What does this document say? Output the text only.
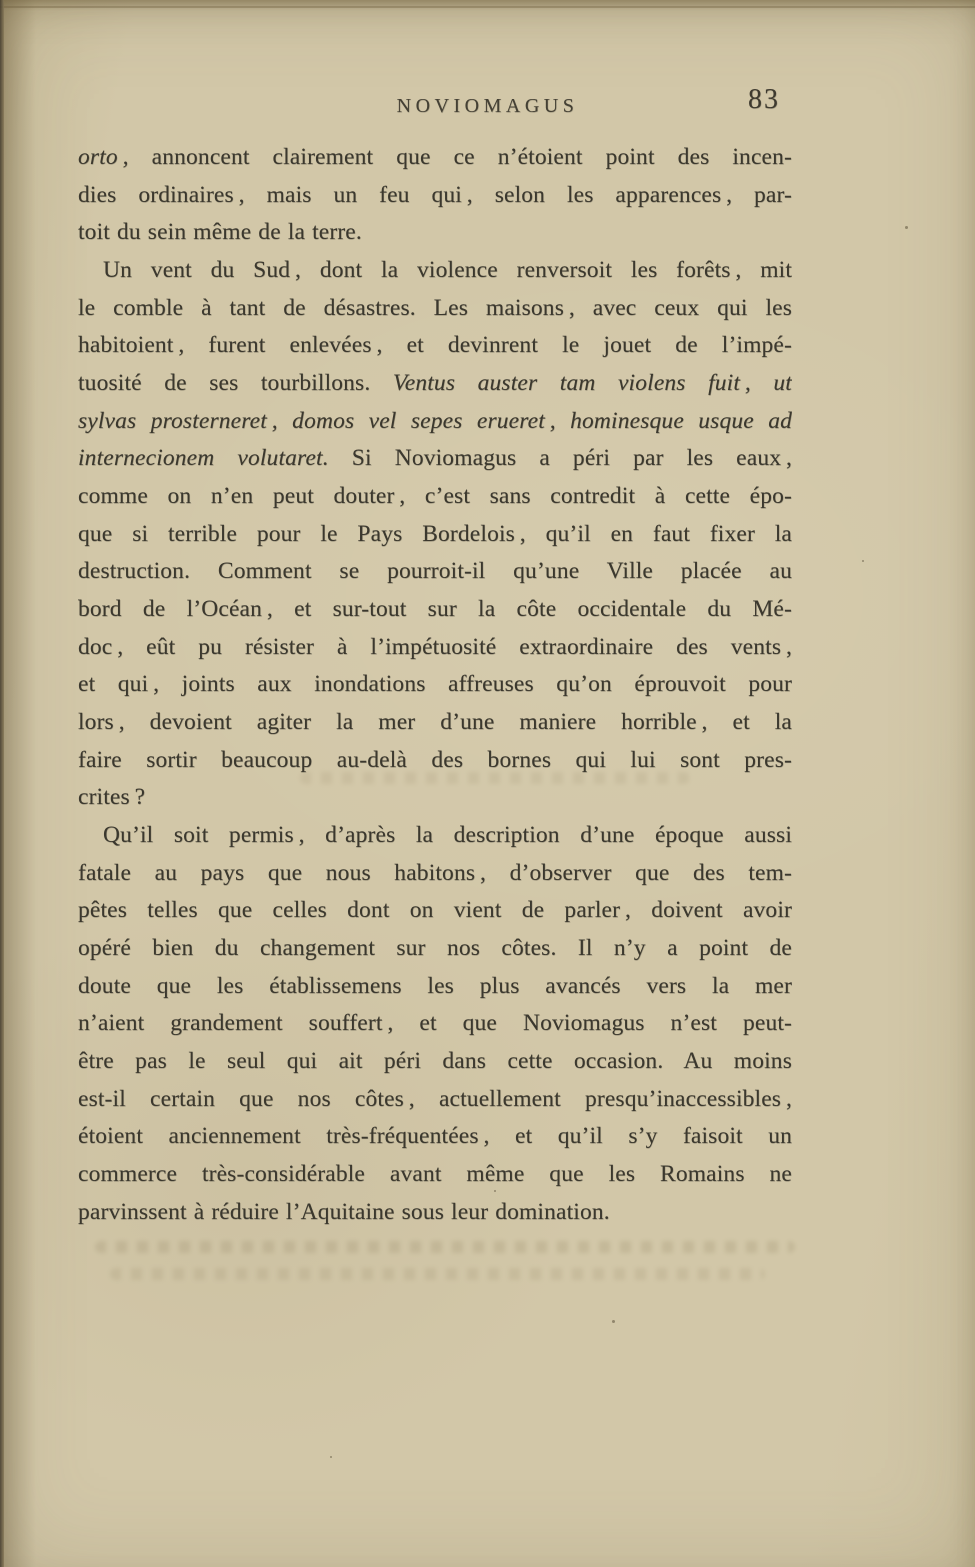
NOVIOMAGUS	83
orto , annoncent clairement que ce n’étoient point des incen-
dies ordinaires , mais un feu qui , selon les apparences , par-
toit du sein même de la terre.
Un vent du Sud , dont la violence renversoit les forêts , mit
le comble à tant de désastres. Les maisons , avec ceux qui les
habitoient , furent enlevées , et devinrent le jouet de l’impé-
tuosité de ses tourbillons. Ventus auster tam violens fuit , ut
sylvas prosterneret , domos vel sepes erueret , hominesque usque ad
internecionem volutaret. Si Noviomagus a péri par les eaux ,
comme on n’en peut douter , c’est sans contredit à cette épo-
que si terrible pour le Pays Bordelois , qu’il en faut fixer la
destruction. Comment se pourroit-il qu’une Ville placée au
bord de l’Océan , et sur-tout sur la côte occidentale du Mé-
doc , eût pu résister à l’impétuosité extraordinaire des vents ,
et qui , joints aux inondations affreuses qu’on éprouvoit pour
lors , devoient agiter la mer d’une maniere horrible , et la
faire sortir beaucoup au-delà des bornes qui lui sont pres-
crites ?
Qu’il soit permis , d’après la description d’une époque aussi
fatale au pays que nous habitons , d’observer que des tem-
pêtes telles que celles dont on vient de parler , doivent avoir
opéré bien du changement sur nos côtes. Il n’y a point de
doute que les établissemens les plus avancés vers la mer
n’aient grandement souffert , et que Noviomagus n’est peut-
être pas le seul qui ait péri dans cette occasion. Au moins
est-il certain que nos côtes , actuellement presqu’inaccessibles ,
étoient anciennement très-fréquentées , et qu’il s’y faisoit un
commerce très-considérable avant même que les Romains ne
parvinssent à réduire l’Aquitaine sous leur domination.
